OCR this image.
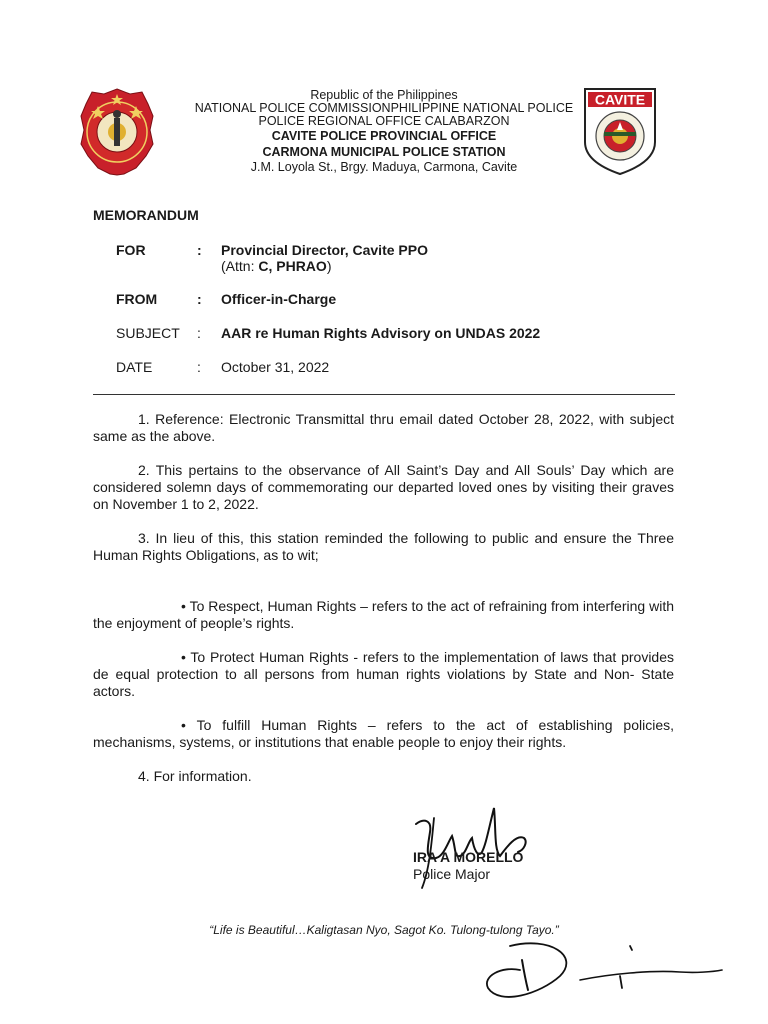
CAVITE
Republic of the Philippines
NATIONAL POLICE COMMISSIONPHILIPPINE NATIONAL POLICE
POLICE REGIONAL OFFICE CALABARZON
CAVITE POLICE PROVINCIAL OFFICE
CARMONA MUNICIPAL POLICE STATION
J.M. Loyola St., Brgy. Maduya, Carmona, Cavite
MEMORANDUM
FOR	: Provincial Director, Cavite PPO
(Attn: C, PHRAO)
FROM	: Officer-in-Charge
SUBJECT : AAR re Human Rights Advisory on UNDAS 2022
DATE	: October 31, 2022
1. Reference: Electronic Transmittal thru email dated October 28, 2022, with subject same as the above.
2. This pertains to the observance of All Saint’s Day and All Souls’ Day which are considered solemn days of commemorating our departed loved ones by visiting their graves on November 1 to 2, 2022.
3. In lieu of this, this station reminded the following to public and ensure the Three Human Rights Obligations, as to wit;
• To Respect, Human Rights – refers to the act of refraining from interfering with the enjoyment of people’s rights.
• To Protect Human Rights - refers to the implementation of laws that provides de equal protection to all persons from human rights violations by State and Non- State actors.
• To fulfill Human Rights – refers to the act of establishing policies, mechanisms, systems, or institutions that enable people to enjoy their rights.
4. For information.
IRA A MORELLO
Police Major
“Life is Beautiful…Kaligtasan Nyo, Sagot Ko. Tulong-tulong Tayo.”
